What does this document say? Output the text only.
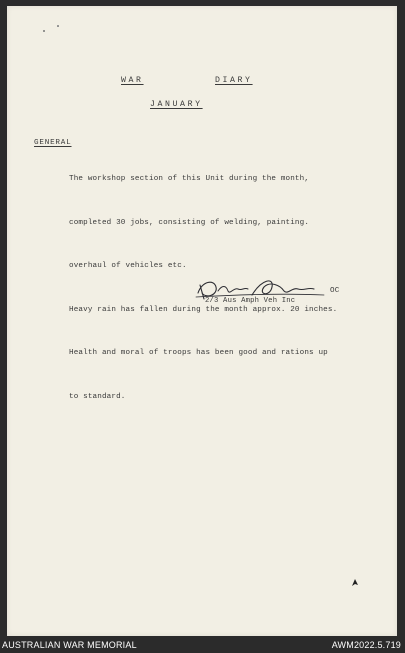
WAR	DIARY
JANUARY
GENERAL

The workshop section of this Unit during the month,

completed 30 jobs, consisting of welding, painting.

overhaul of vehicles etc.

Heavy rain has fallen during the month approx. 20 inches.

Health and moral of troops has been good and rations up

to standard.

OC
2/3 Aus Amph Veh Inc
AUSTRALIAN WAR MEMORIAL	AWM2022.5.719
